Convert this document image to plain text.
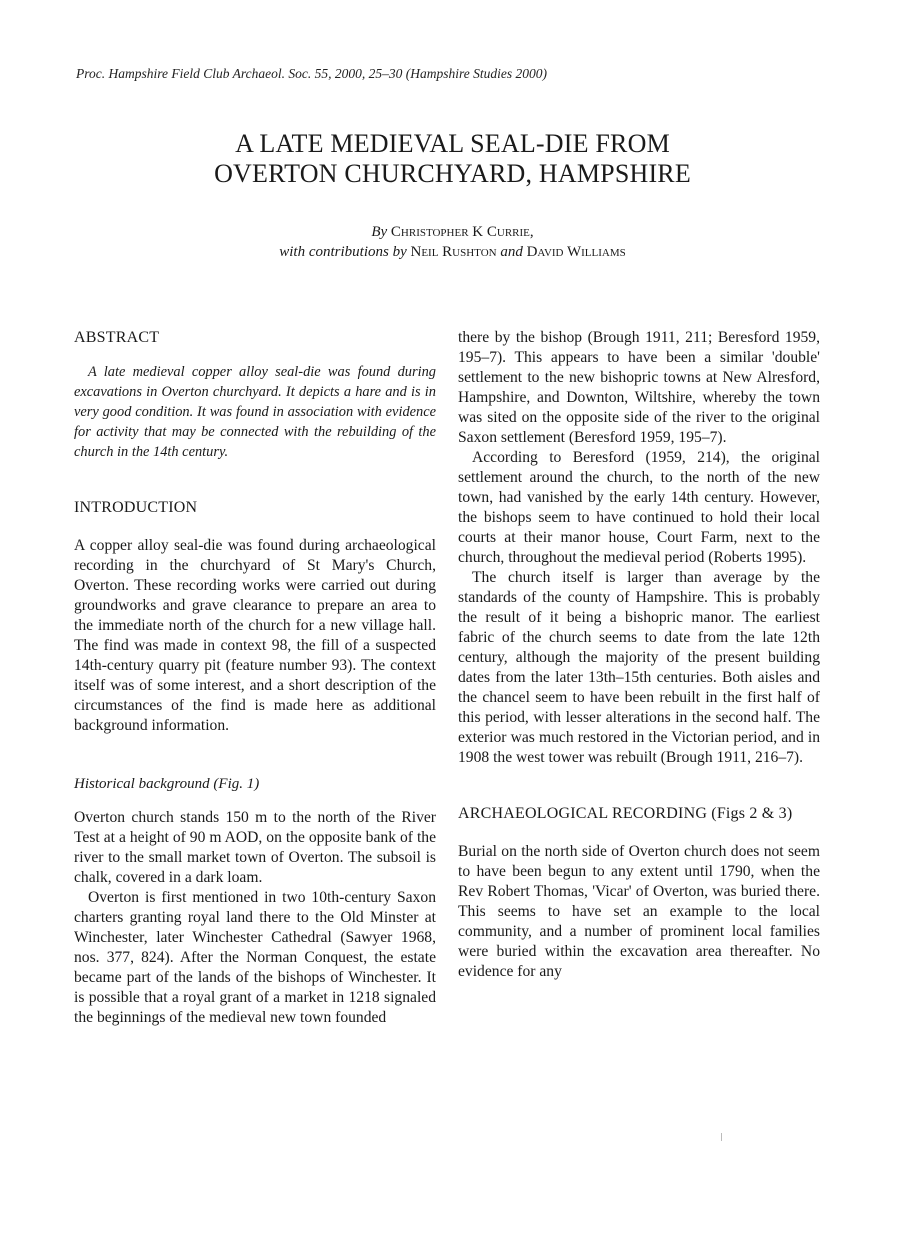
Proc. Hampshire Field Club Archaeol. Soc. 55, 2000, 25–30 (Hampshire Studies 2000)
A LATE MEDIEVAL SEAL-DIE FROM
OVERTON CHURCHYARD, HAMPSHIRE
By Christopher K Currie,
with contributions by Neil Rushton and David Williams

ABSTRACT

A late medieval copper alloy seal-die was found during excavations in Overton churchyard. It depicts a hare and is in very good condition. It was found in association with evidence for activity that may be connected with the rebuilding of the church in the 14th century.

INTRODUCTION

A copper alloy seal-die was found during archaeological recording in the churchyard of St Mary's Church, Overton. These recording works were carried out during groundworks and grave clearance to prepare an area to the immediate north of the church for a new village hall. The find was made in context 98, the fill of a suspected 14th-century quarry pit (feature number 93). The context itself was of some interest, and a short description of the circumstances of the find is made here as additional background information.

Historical background (Fig. 1)

Overton church stands 150 m to the north of the River Test at a height of 90 m AOD, on the opposite bank of the river to the small market town of Overton. The subsoil is chalk, covered in a dark loam.

Overton is first mentioned in two 10th-century Saxon charters granting royal land there to the Old Minster at Winchester, later Winchester Cathedral (Sawyer 1968, nos. 377, 824). After the Norman Conquest, the estate became part of the lands of the bishops of Winchester. It is possible that a royal grant of a market in 1218 signaled the beginnings of the medieval new town founded

there by the bishop (Brough 1911, 211; Beresford 1959, 195–7). This appears to have been a similar 'double' settlement to the new bishopric towns at New Alresford, Hampshire, and Downton, Wiltshire, whereby the town was sited on the opposite side of the river to the original Saxon settlement (Beresford 1959, 195–7).

According to Beresford (1959, 214), the original settlement around the church, to the north of the new town, had vanished by the early 14th century. However, the bishops seem to have continued to hold their local courts at their manor house, Court Farm, next to the church, throughout the medieval period (Roberts 1995).

The church itself is larger than average by the standards of the county of Hampshire. This is probably the result of it being a bishopric manor. The earliest fabric of the church seems to date from the late 12th century, although the majority of the present building dates from the later 13th–15th centuries. Both aisles and the chancel seem to have been rebuilt in the first half of this period, with lesser alterations in the second half. The exterior was much restored in the Victorian period, and in 1908 the west tower was rebuilt (Brough 1911, 216–7).

ARCHAEOLOGICAL RECORDING (Figs 2 & 3)

Burial on the north side of Overton church does not seem to have been begun to any extent until 1790, when the Rev Robert Thomas, 'Vicar' of Overton, was buried there. This seems to have set an example to the local community, and a number of prominent local families were buried within the excavation area thereafter. No evidence for any
